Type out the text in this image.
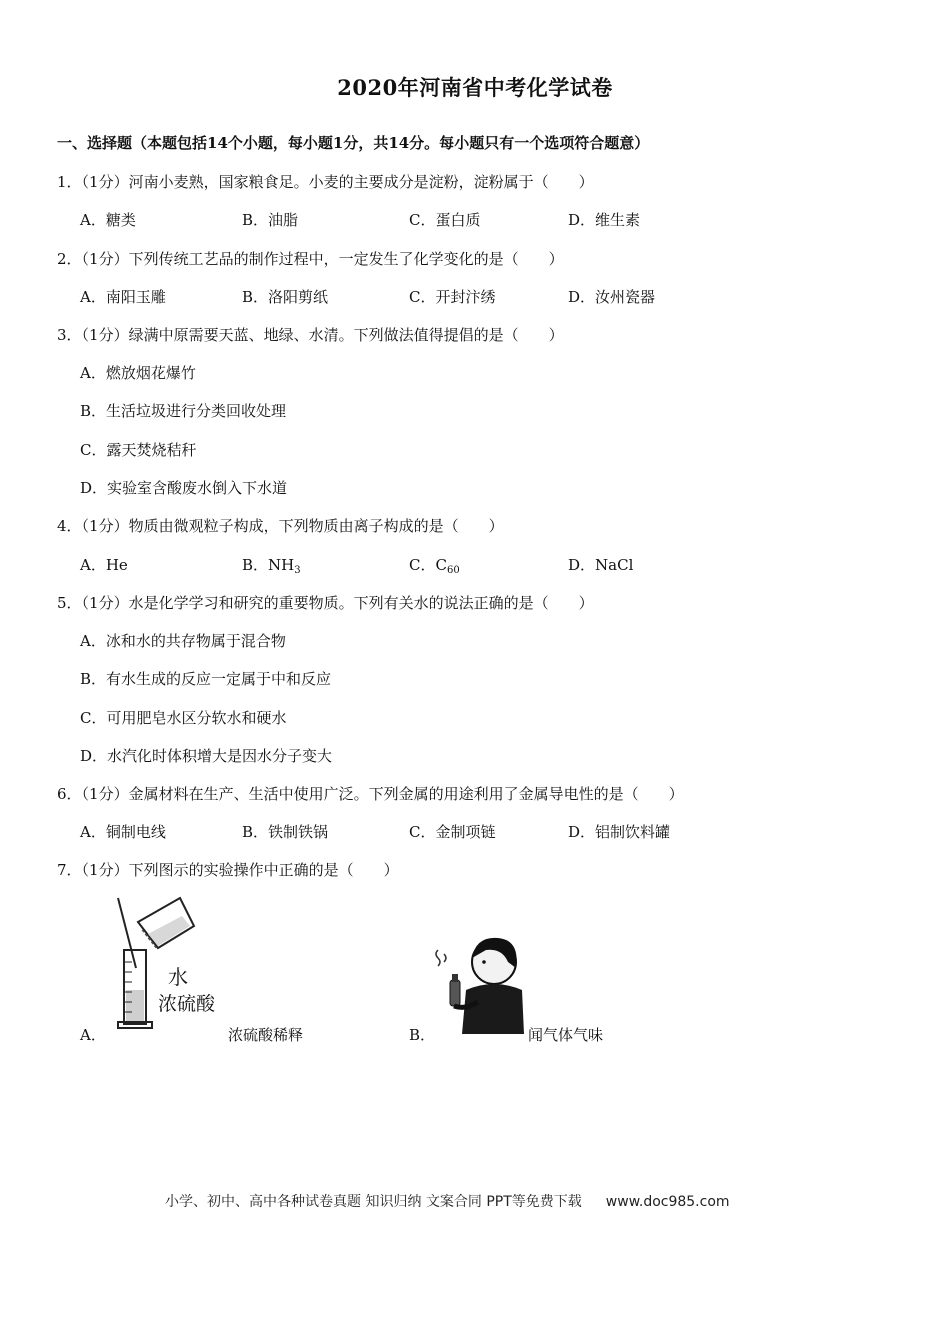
2020年河南省中考化学试卷
一、选择题（本题包括14个小题，每小题1分，共14分。每小题只有一个选项符合题意）
1．（1分）河南小麦熟，国家粮食足。小麦的主要成分是淀粉，淀粉属于（　　）
A．糖类	B．油脂	C．蛋白质	D．维生素
2．（1分）下列传统工艺品的制作过程中，一定发生了化学变化的是（　　）
A．南阳玉雕	B．洛阳剪纸	C．开封汴绣	D．汝州瓷器
3．（1分）绿满中原需要天蓝、地绿、水清。下列做法值得提倡的是（　　）
A．燃放烟花爆竹
B．生活垃圾进行分类回收处理
C．露天焚烧秸秆
D．实验室含酸废水倒入下水道
4．（1分）物质由微观粒子构成，下列物质由离子构成的是（　　）
A．He	B．$NH_3$	C．$C_{60}$	D．NaCl
5．（1分）水是化学学习和研究的重要物质。下列有关水的说法正确的是（　　）
A．冰和水的共存物属于混合物
B．有水生成的反应一定属于中和反应
C．可用肥皂水区分软水和硬水
D．水汽化时体积增大是因水分子变大
6．（1分）金属材料在生产、生活中使用广泛。下列金属的用途利用了金属导电性的是（　　）
A．铜制电线	B．铁制铁锅	C．金制项链	D．铝制饮料罐
7．（1分）下列图示的实验操作中正确的是（　　）
水
浓硫酸
A．	浓硫酸稀释	B．	闻气体气味
小学、初中、高中各种试卷真题 知识归纳 文案合同 PPT等免费下载 www.doc985.com
